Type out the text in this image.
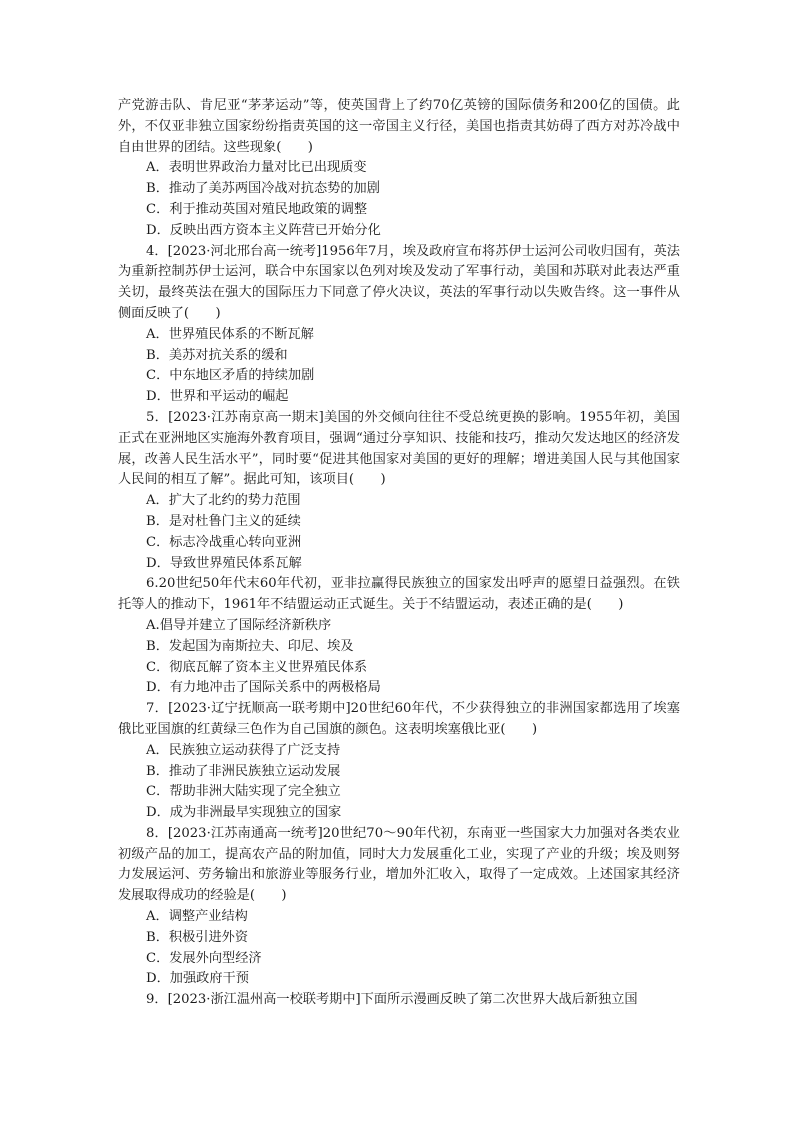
产党游击队、肯尼亚“茅茅运动”等，使英国背上了约70亿英镑的国际债务和200亿的国债。此外，不仅亚非独立国家纷纷指责英国的这一帝国主义行径，美国也指责其妨碍了西方对苏冷战中自由世界的团结。这些现象(　　)

A．表明世界政治力量对比已出现质变

B．推动了美苏两国冷战对抗态势的加剧

C．利于推动英国对殖民地政策的调整

D．反映出西方资本主义阵营已开始分化

4．[2023·河北邢台高一统考]1956年7月，埃及政府宣布将苏伊士运河公司收归国有，英法为重新控制苏伊士运河，联合中东国家以色列对埃及发动了军事行动，美国和苏联对此表达严重关切，最终英法在强大的国际压力下同意了停火决议，英法的军事行动以失败告终。这一事件从侧面反映了(　　)

A．世界殖民体系的不断瓦解

B．美苏对抗关系的缓和

C．中东地区矛盾的持续加剧

D．世界和平运动的崛起

5．[2023·江苏南京高一期末]美国的外交倾向往往不受总统更换的影响。1955年初，美国正式在亚洲地区实施海外教育项目，强调“通过分享知识、技能和技巧，推动欠发达地区的经济发展，改善人民生活水平”，同时要“促进其他国家对美国的更好的理解；增进美国人民与其他国家人民间的相互了解”。据此可知，该项目(　　)

A．扩大了北约的势力范围

B．是对杜鲁门主义的延续

C．标志冷战重心转向亚洲

D．导致世界殖民体系瓦解

6.20世纪50年代末60年代初，亚非拉赢得民族独立的国家发出呼声的愿望日益强烈。在铁托等人的推动下，1961年不结盟运动正式诞生。关于不结盟运动，表述正确的是(　　)

A.倡导并建立了国际经济新秩序

B．发起国为南斯拉夫、印尼、埃及

C．彻底瓦解了资本主义世界殖民体系

D．有力地冲击了国际关系中的两极格局

7．[2023·辽宁抚顺高一联考期中]20世纪60年代，不少获得独立的非洲国家都选用了埃塞俄比亚国旗的红黄绿三色作为自己国旗的颜色。这表明埃塞俄比亚(　　)

A．民族独立运动获得了广泛支持

B．推动了非洲民族独立运动发展

C．帮助非洲大陆实现了完全独立

D．成为非洲最早实现独立的国家

8．[2023·江苏南通高一统考]20世纪70～90年代初，东南亚一些国家大力加强对各类农业初级产品的加工，提高农产品的附加值，同时大力发展重化工业，实现了产业的升级；埃及则努力发展运河、劳务输出和旅游业等服务行业，增加外汇收入，取得了一定成效。上述国家其经济发展取得成功的经验是(　　)

A．调整产业结构

B．积极引进外资

C．发展外向型经济

D．加强政府干预

9．[2023·浙江温州高一校联考期中]下面所示漫画反映了第二次世界大战后新独立国
